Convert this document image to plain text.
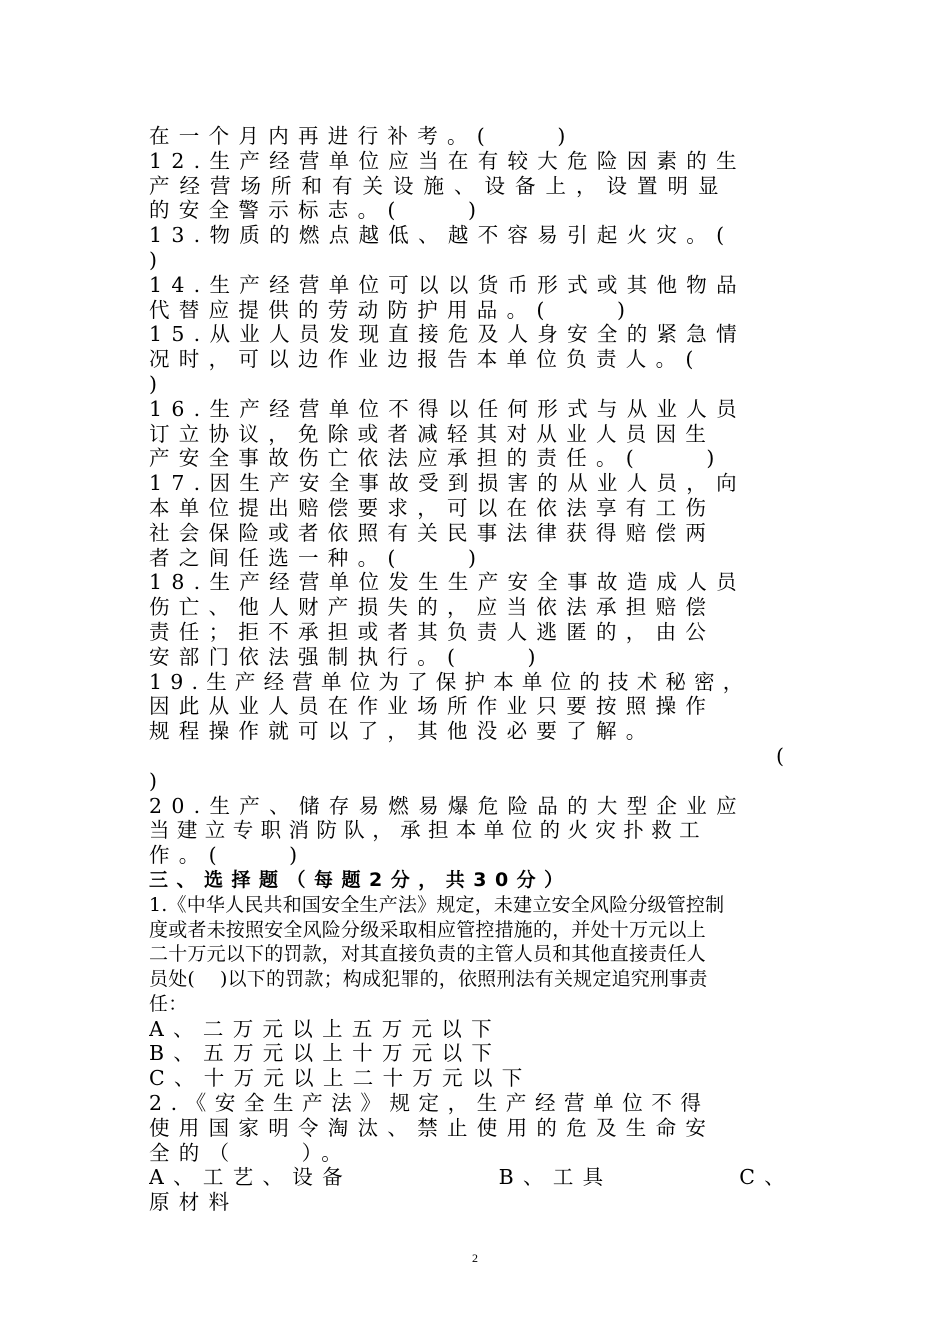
在一个月内再进行补考。(    )
12.生产经营单位应当在有较大危险因素的生
产经营场所和有关设施、设备上，设置明显
的安全警示标志。(    )
13.物质的燃点越低、越不容易引起火灾。(
)
14.生产经营单位可以以货币形式或其他物品
代替应提供的劳动防护用品。(    )
15.从业人员发现直接危及人身安全的紧急情
况时，可以边作业边报告本单位负责人。(
)
16.生产经营单位不得以任何形式与从业人员
订立协议，免除或者减轻其对从业人员因生
产安全事故伤亡依法应承担的责任。(    )
17.因生产安全事故受到损害的从业人员，向
本单位提出赔偿要求，可以在依法享有工伤
社会保险或者依照有关民事法律获得赔偿两
者之间任选一种。(    )
18.生产经营单位发生生产安全事故造成人员
伤亡、他人财产损失的，应当依法承担赔偿
责任；拒不承担或者其负责人逃匿的，由公
安部门依法强制执行。(    )
19.生产经营单位为了保护本单位的技术秘密，
因此从业人员在作业场所作业只要按照操作
规程操作就可以了，其他没必要了解。
(
)
20.生产、储存易燃易爆危险品的大型企业应
当建立专职消防队，承担本单位的火灾扑救工
作。(    )
三、选择题（每题2分，共30分）
1.《中华人民共和国安全生产法》规定，未建立安全风险分级管控制
度或者未按照安全风险分级采取相应管控措施的，并处十万元以上
二十万元以下的罚款，对其直接负责的主管人员和其他直接责任人
员处(    )以下的罚款；构成犯罪的，依照刑法有关规定追究刑事责
任：
A、二万元以上五万元以下
B、五万元以上十万元以下
C、十万元以上二十万元以下
2.《安全生产法》规定，生产经营单位不得
使用国家明令淘汰、禁止使用的危及生命安
全的（    ）。
A、工艺、设备	B、工具	C、
原材料
2
